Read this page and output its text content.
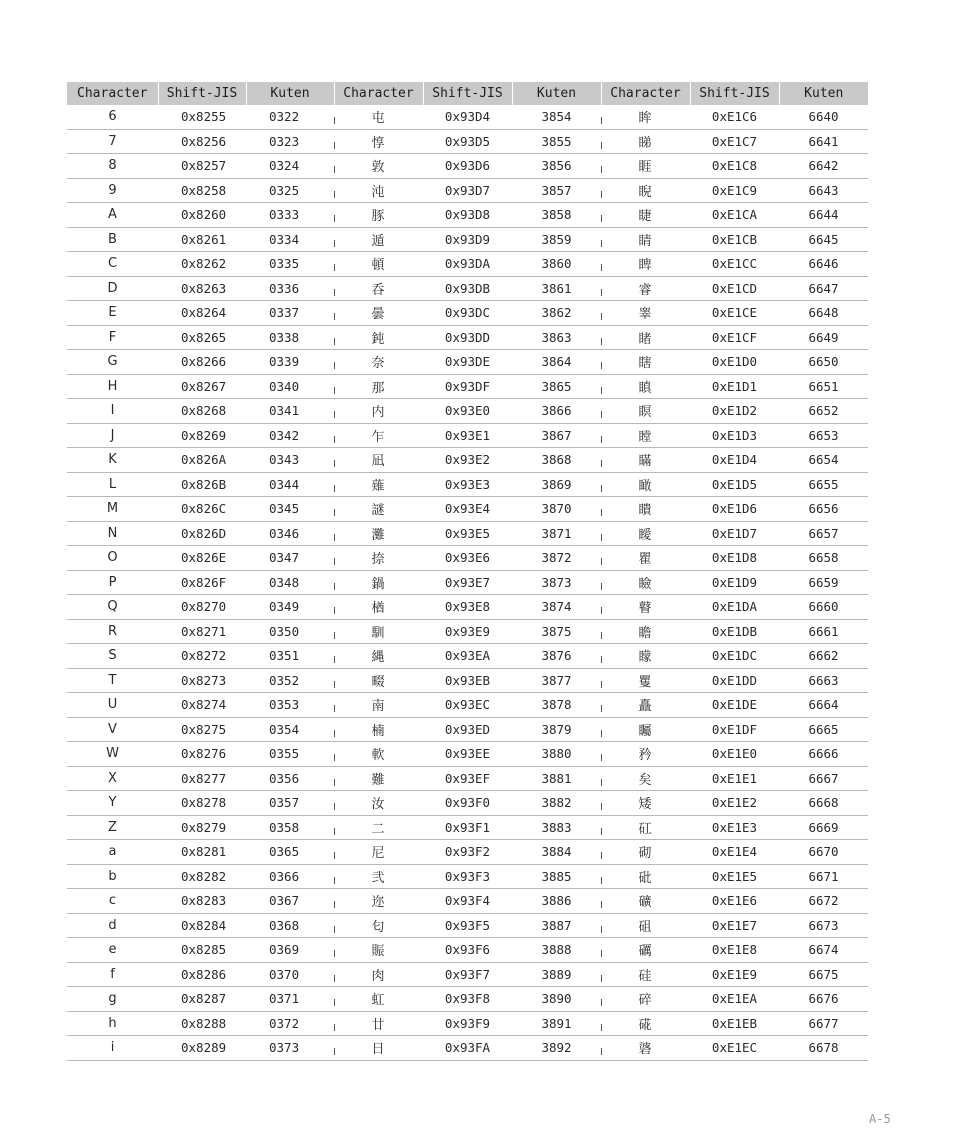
Character	Shift-JIS	Kuten	Character	Shift-JIS	Kuten	Character	Shift-JIS	Kuten
6	0x8255	0322	屯	0x93D4	3854	眸	0xE1C6	6640
7	0x8256	0323	惇	0x93D5	3855	睇	0xE1C7	6641
8	0x8257	0324	敦	0x93D6	3856	睚	0xE1C8	6642
9	0x8258	0325	沌	0x93D7	3857	睨	0xE1C9	6643
A	0x8260	0333	豚	0x93D8	3858	睫	0xE1CA	6644
B	0x8261	0334	遁	0x93D9	3859	睛	0xE1CB	6645
C	0x8262	0335	頓	0x93DA	3860	睥	0xE1CC	6646
D	0x8263	0336	呑	0x93DB	3861	睿	0xE1CD	6647
E	0x8264	0337	曇	0x93DC	3862	睾	0xE1CE	6648
F	0x8265	0338	鈍	0x93DD	3863	睹	0xE1CF	6649
G	0x8266	0339	奈	0x93DE	3864	瞎	0xE1D0	6650
H	0x8267	0340	那	0x93DF	3865	瞋	0xE1D1	6651
I	0x8268	0341	内	0x93E0	3866	瞑	0xE1D2	6652
J	0x8269	0342	乍	0x93E1	3867	瞠	0xE1D3	6653
K	0x826A	0343	凪	0x93E2	3868	瞞	0xE1D4	6654
L	0x826B	0344	薙	0x93E3	3869	瞰	0xE1D5	6655
M	0x826C	0345	謎	0x93E4	3870	瞶	0xE1D6	6656
N	0x826D	0346	灘	0x93E5	3871	瞹	0xE1D7	6657
O	0x826E	0347	捺	0x93E6	3872	瞿	0xE1D8	6658
P	0x826F	0348	鍋	0x93E7	3873	瞼	0xE1D9	6659
Q	0x8270	0349	楢	0x93E8	3874	瞽	0xE1DA	6660
R	0x8271	0350	馴	0x93E9	3875	瞻	0xE1DB	6661
S	0x8272	0351	縄	0x93EA	3876	矇	0xE1DC	6662
T	0x8273	0352	畷	0x93EB	3877	矍	0xE1DD	6663
U	0x8274	0353	南	0x93EC	3878	矗	0xE1DE	6664
V	0x8275	0354	楠	0x93ED	3879	矚	0xE1DF	6665
W	0x8276	0355	軟	0x93EE	3880	矜	0xE1E0	6666
X	0x8277	0356	難	0x93EF	3881	矣	0xE1E1	6667
Y	0x8278	0357	汝	0x93F0	3882	矮	0xE1E2	6668
Z	0x8279	0358	二	0x93F1	3883	矼	0xE1E3	6669
a	0x8281	0365	尼	0x93F2	3884	砌	0xE1E4	6670
b	0x8282	0366	弐	0x93F3	3885	砒	0xE1E5	6671
c	0x8283	0367	迩	0x93F4	3886	礦	0xE1E6	6672
d	0x8284	0368	匂	0x93F5	3887	砠	0xE1E7	6673
e	0x8285	0369	賑	0x93F6	3888	礪	0xE1E8	6674
f	0x8286	0370	肉	0x93F7	3889	硅	0xE1E9	6675
g	0x8287	0371	虹	0x93F8	3890	碎	0xE1EA	6676
h	0x8288	0372	廿	0x93F9	3891	硴	0xE1EB	6677
i	0x8289	0373	日	0x93FA	3892	碆	0xE1EC	6678
A-5
